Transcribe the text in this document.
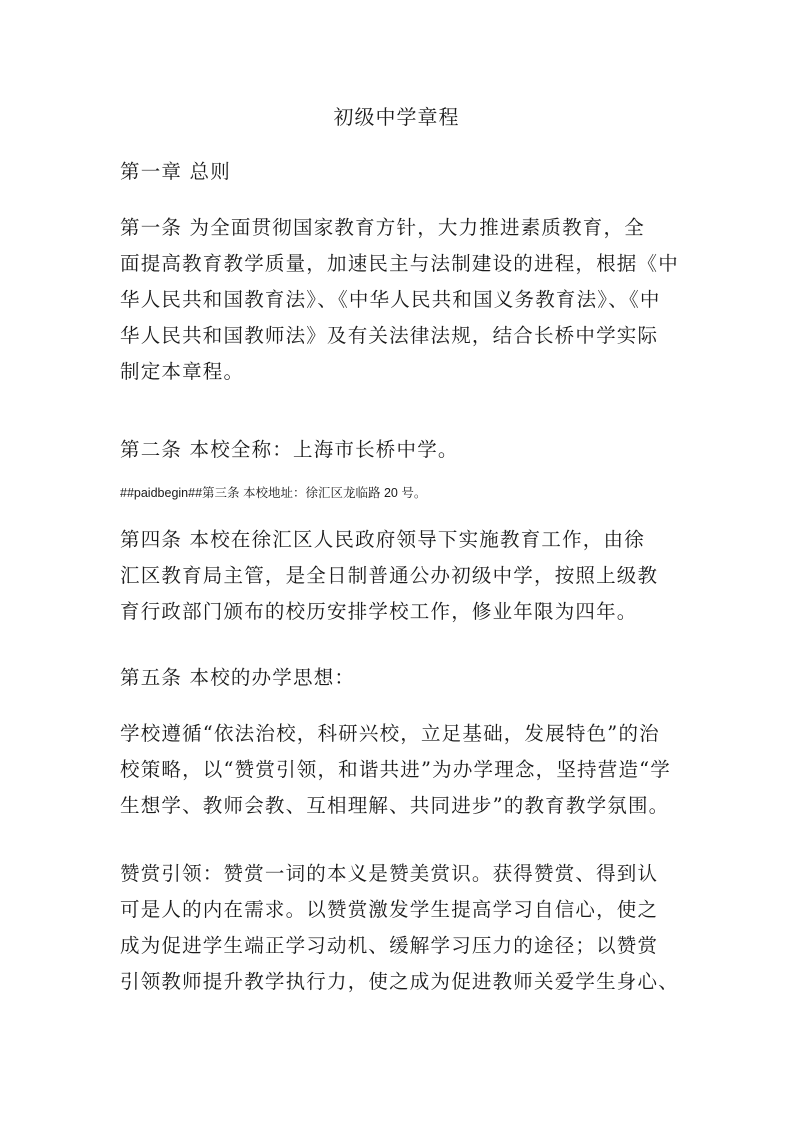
初级中学章程
第一章 总则
第一条 为全面贯彻国家教育方针，大力推进素质教育，全
面提高教育教学质量，加速民主与法制建设的进程，根据《中
华人民共和国教育法》、《中华人民共和国义务教育法》、《中
华人民共和国教师法》及有关法律法规，结合长桥中学实际
制定本章程。
第二条 本校全称：上海市长桥中学。
##paidbegin##第三条 本校地址：徐汇区龙临路 20 号。
第四条 本校在徐汇区人民政府领导下实施教育工作，由徐
汇区教育局主管，是全日制普通公办初级中学，按照上级教
育行政部门颁布的校历安排学校工作，修业年限为四年。
第五条 本校的办学思想：
学校遵循“依法治校，科研兴校，立足基础，发展特色”的治
校策略，以“赞赏引领，和谐共进”为办学理念，坚持营造“学
生想学、教师会教、互相理解、共同进步”的教育教学氛围。
赞赏引领：赞赏一词的本义是赞美赏识。获得赞赏、得到认
可是人的内在需求。以赞赏激发学生提高学习自信心，使之
成为促进学生端正学习动机、缓解学习压力的途径；以赞赏
引领教师提升教学执行力，使之成为促进教师关爱学生身心、
